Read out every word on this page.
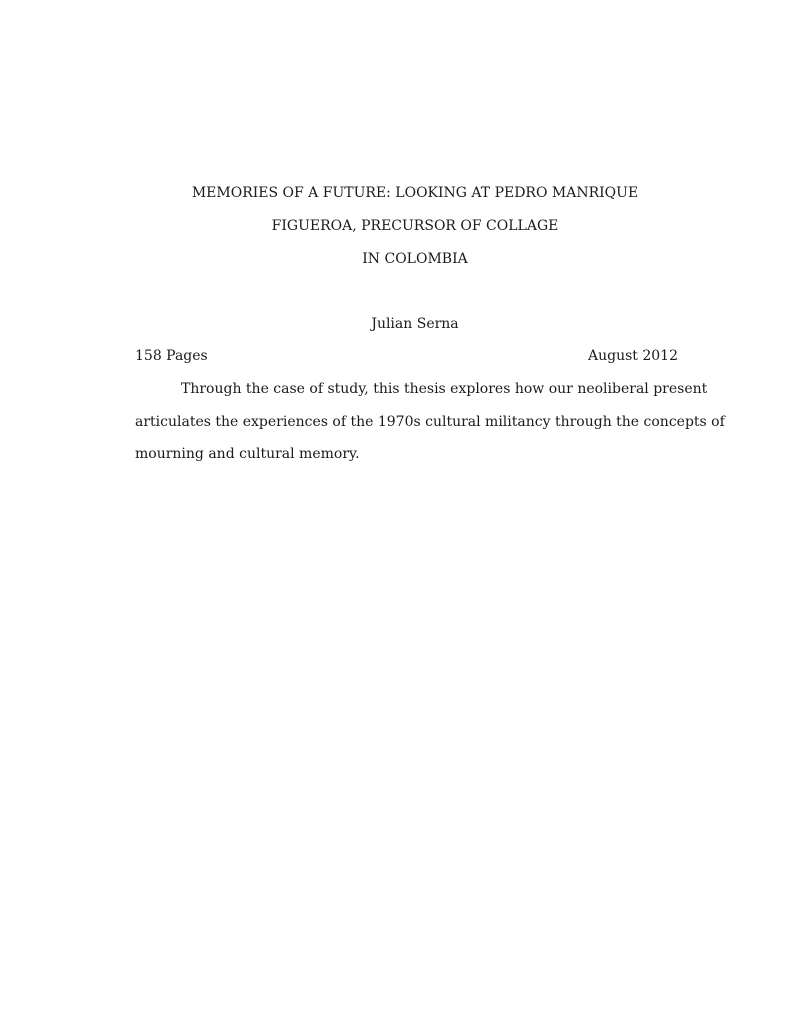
MEMORIES OF A FUTURE: LOOKING AT PEDRO MANRIQUE
FIGUEROA, PRECURSOR OF COLLAGE
IN COLOMBIA
Julian Serna
158 Pages	August 2012
Through the case of study, this thesis explores how our neoliberal present
articulates the experiences of the 1970s cultural militancy through the concepts of
mourning and cultural memory.
